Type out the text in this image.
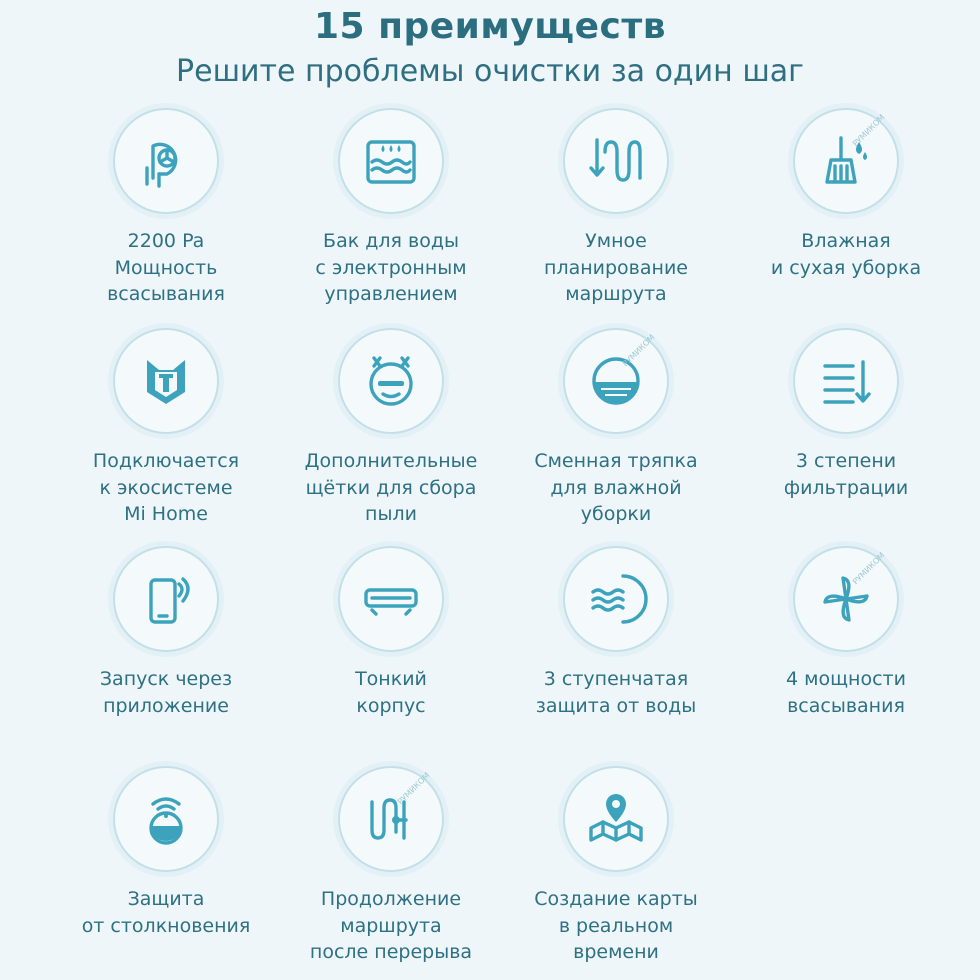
15 преимуществ
Решите проблемы очистки за один шаг
2200 Pa
Мощность
всасывания
Бак для воды
с электронным
управлением
Умное
планирование
маршрута
РУМИКОМ
Влажная
и сухая уборка
Подключается
к экосистеме
Mi Home
Дополнительные
щётки для сбора
пыли
РУМИКОМ
Сменная тряпка
для влажной
уборки
3 степени
фильтрации
Запуск через
приложение
Тонкий
корпус
3 ступенчатая
защита от воды
РУМИКОМ
4 мощности
всасывания
Защита
от столкновения
РУМИКОМ
Продолжение
маршрута
после перерыва
Создание карты
в реальном
времени
